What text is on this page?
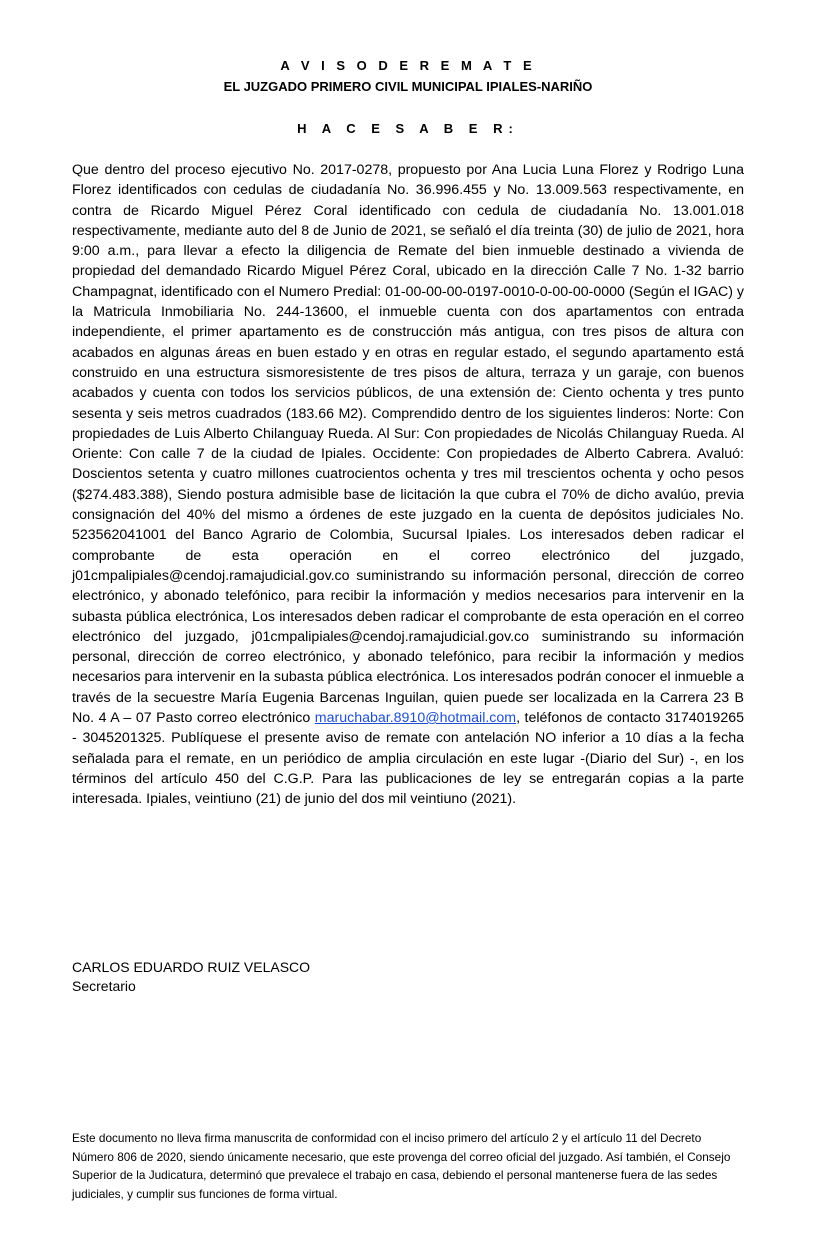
A V I S O D E R E M A T E
EL JUZGADO PRIMERO CIVIL MUNICIPAL IPIALES-NARIÑO
H A C E S A B E R:
Que dentro del proceso ejecutivo No. 2017-0278, propuesto por Ana Lucia Luna Florez y Rodrigo Luna Florez identificados con cedulas de ciudadanía No. 36.996.455 y No. 13.009.563 respectivamente, en contra de Ricardo Miguel Pérez Coral identificado con cedula de ciudadanía No. 13.001.018 respectivamente, mediante auto del 8 de Junio de 2021, se señaló el día treinta (30) de julio de 2021, hora 9:00 a.m., para llevar a efecto la diligencia de Remate del bien inmueble destinado a vivienda de propiedad del demandado Ricardo Miguel Pérez Coral, ubicado en la dirección Calle 7 No. 1-32 barrio Champagnat, identificado con el Numero Predial: 01-00-00-00-0197-0010-0-00-00-0000 (Según el IGAC) y la Matricula Inmobiliaria No. 244-13600, el inmueble cuenta con dos apartamentos con entrada independiente, el primer apartamento es de construcción más antigua, con tres pisos de altura con acabados en algunas áreas en buen estado y en otras en regular estado, el segundo apartamento está construido en una estructura sismoresistente de tres pisos de altura, terraza y un garaje, con buenos acabados y cuenta con todos los servicios públicos, de una extensión de: Ciento ochenta y tres punto sesenta y seis metros cuadrados (183.66 M2). Comprendido dentro de los siguientes linderos: Norte: Con propiedades de Luis Alberto Chilanguay Rueda. Al Sur: Con propiedades de Nicolás Chilanguay Rueda. Al Oriente: Con calle 7 de la ciudad de Ipiales. Occidente: Con propiedades de Alberto Cabrera. Avaluó: Doscientos setenta y cuatro millones cuatrocientos ochenta y tres mil trescientos ochenta y ocho pesos ($274.483.388), Siendo postura admisible base de licitación la que cubra el 70% de dicho avalúo, previa consignación del 40% del mismo a órdenes de este juzgado en la cuenta de depósitos judiciales No. 523562041001 del Banco Agrario de Colombia, Sucursal Ipiales. Los interesados deben radicar el comprobante de esta operación en el correo electrónico del juzgado, j01cmpalipiales@cendoj.ramajudicial.gov.co suministrando su información personal, dirección de correo electrónico, y abonado telefónico, para recibir la información y medios necesarios para intervenir en la subasta pública electrónica, Los interesados deben radicar el comprobante de esta operación en el correo electrónico del juzgado, j01cmpalipiales@cendoj.ramajudicial.gov.co suministrando su información personal, dirección de correo electrónico, y abonado telefónico, para recibir la información y medios necesarios para intervenir en la subasta pública electrónica. Los interesados podrán conocer el inmueble a través de la secuestre María Eugenia Barcenas Inguilan, quien puede ser localizada en la Carrera 23 B No. 4 A – 07 Pasto correo electrónico maruchabar.8910@hotmail.com, teléfonos de contacto 3174019265 - 3045201325. Publíquese el presente aviso de remate con antelación NO inferior a 10 días a la fecha señalada para el remate, en un periódico de amplia circulación en este lugar -(Diario del Sur) -, en los términos del artículo 450 del C.G.P. Para las publicaciones de ley se entregarán copias a la parte interesada. Ipiales, veintiuno (21) de junio del dos mil veintiuno (2021).
CARLOS EDUARDO RUIZ VELASCO
Secretario
Este documento no lleva firma manuscrita de conformidad con el inciso primero del artículo 2 y el artículo 11 del Decreto Número 806 de 2020, siendo únicamente necesario, que este provenga del correo oficial del juzgado. Así también, el Consejo Superior de la Judicatura, determinó que prevalece el trabajo en casa, debiendo el personal mantenerse fuera de las sedes judiciales, y cumplir sus funciones de forma virtual.
